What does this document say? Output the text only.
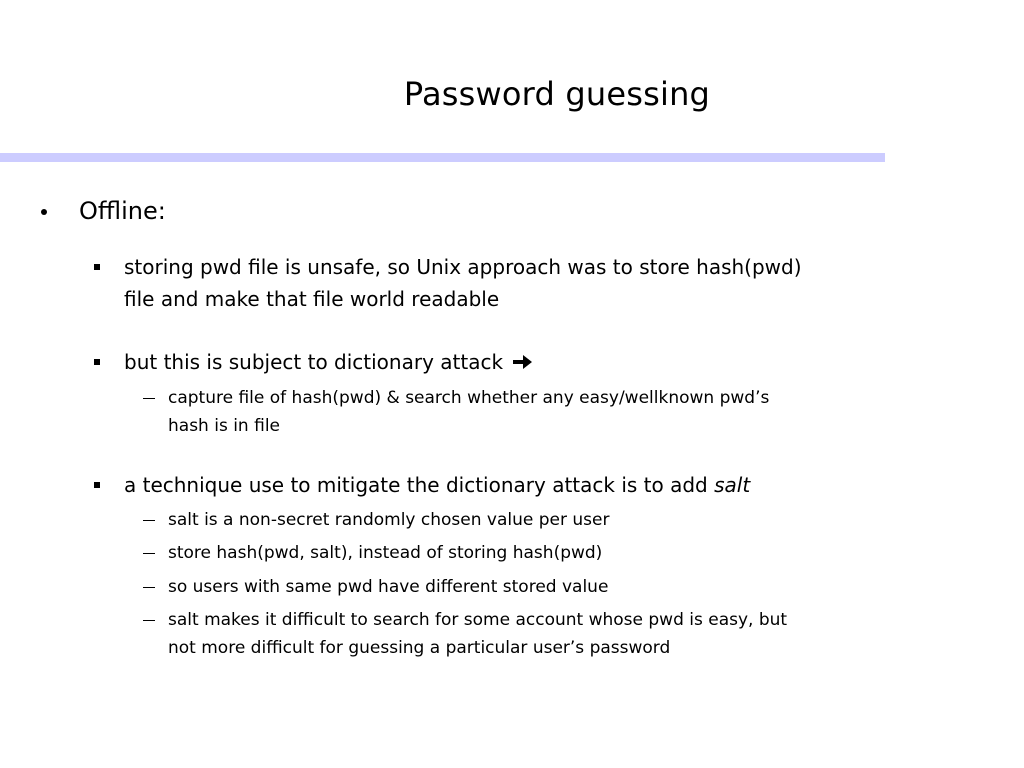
Password guessing
Offline:
storing pwd file is unsafe, so Unix approach was to store hash(pwd)
file and make that file world readable
but this is subject to dictionary attack
capture file of hash(pwd) & search whether any easy/wellknown pwd’s
hash is in file
a technique use to mitigate the dictionary attack is to add salt
salt is a non-secret randomly chosen value per user
store hash(pwd, salt), instead of storing hash(pwd)
so users with same pwd have different stored value
salt makes it difficult to search for some account whose pwd is easy, but
not more difficult for guessing a particular user’s password
